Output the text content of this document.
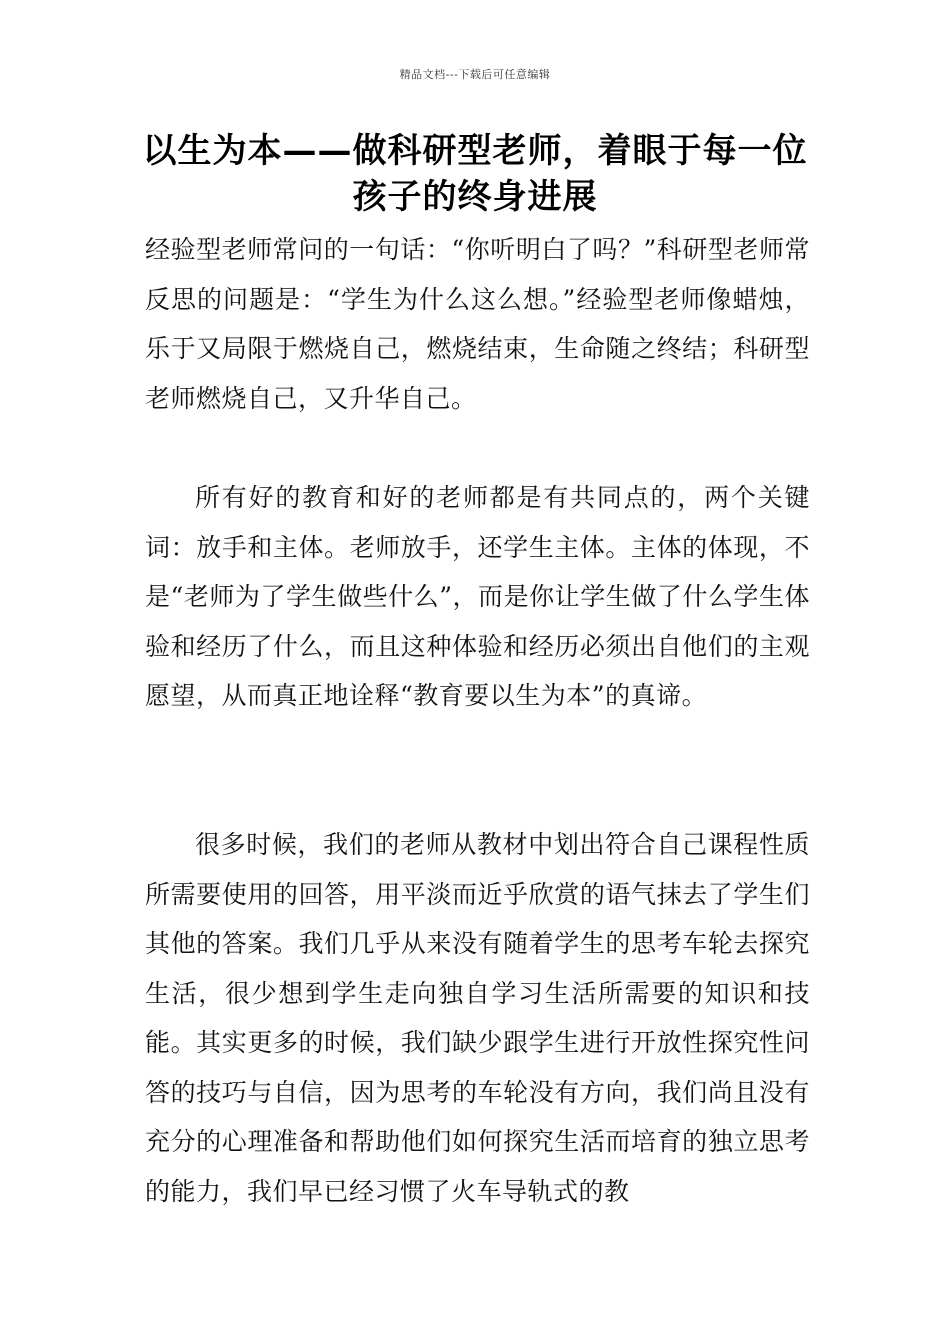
精品文档---下载后可任意编辑
以生为本——做科研型老师，着眼于每一位孩子的终身进展

经验型老师常问的一句话：“你听明白了吗？”科研型老师常反思的问题是：“学生为什么这么想。”经验型老师像蜡烛，乐于又局限于燃烧自己，燃烧结束，生命随之终结；科研型老师燃烧自己，又升华自己。

所有好的教育和好的老师都是有共同点的，两个关键词：放手和主体。老师放手，还学生主体。主体的体现，不是“老师为了学生做些什么”，而是你让学生做了什么学生体验和经历了什么，而且这种体验和经历必须出自他们的主观愿望，从而真正地诠释“教育要以生为本”的真谛。

很多时候，我们的老师从教材中划出符合自己课程性质所需要使用的回答，用平淡而近乎欣赏的语气抹去了学生们其他的答案。我们几乎从来没有随着学生的思考车轮去探究生活，很少想到学生走向独自学习生活所需要的知识和技能。其实更多的时候，我们缺少跟学生进行开放性探究性问答的技巧与自信，因为思考的车轮没有方向，我们尚且没有充分的心理准备和帮助他们如何探究生活而培育的独立思考的能力，我们早已经习惯了火车导轨式的教
